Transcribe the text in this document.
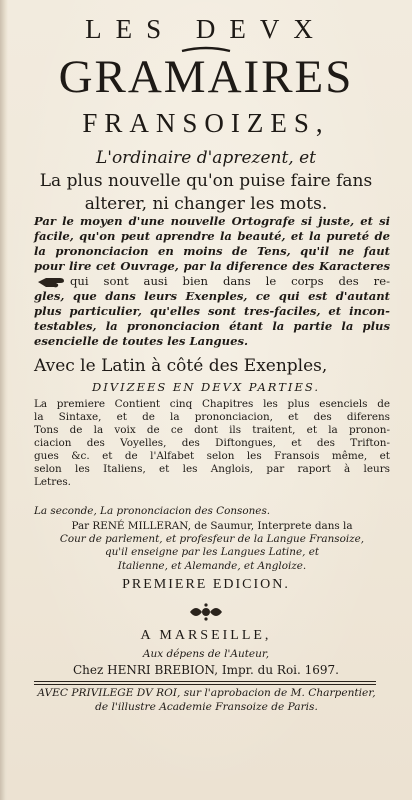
LES DEVX
GRAMAIRES
FRANSOIZES,
L'ordinaire d'aprezent, et
La plus nouvelle qu'on puise faire fans
alterer, ni changer les mots.
Par le moyen d'une nouvelle Ortografe si juste, et si
facile, qu'on peut aprendre la beauté, et la pureté de
la prononciacion en moins de Tens, qu'il ne faut
pour lire cet Ouvrage, par la diference des Karacteres
qui sont ausi bien dans le corps des re-
gles, que dans leurs Exenples, ce qui est d'autant
plus particulier, qu'elles sont tres-faciles, et incon-
testables, la prononciacion étant la partie la plus
esencielle de toutes les Langues.
Avec le Latin à côté des Exenples,
DIVIZEES EN DEVX PARTIES.
La premiere Contient cinq Chapitres les plus esenciels de
la Sintaxe, et de la prononciacion, et des diferens
Tons de la voix de ce dont ils traitent, et la pronon-
ciacion des Voyelles, des Diftongues, et des Trifton-
gues &c. et de l'Alfabet selon les Fransois même, et
selon les Italiens, et les Anglois, par raport à leurs
Letres.
La seconde, La prononciacion des Consones.
Par RENÉ MILLERAN, de Saumur, Interprete dans la
Cour de parlement, et profesfeur de la Langue Fransoize,
qu'il enseigne par les Langues Latine, et
Italienne, et Alemande, et Angloize.
PREMIERE EDICION.
A MARSEILLE,
Aux dépens de l'Auteur,
Chez HENRI BREBION, Impr. du Roi. 1697.
AVEC PRIVILEGE DV ROI, sur l'aprobacion de M. Charpentier,
de l'illustre Academie Fransoize de Paris.
